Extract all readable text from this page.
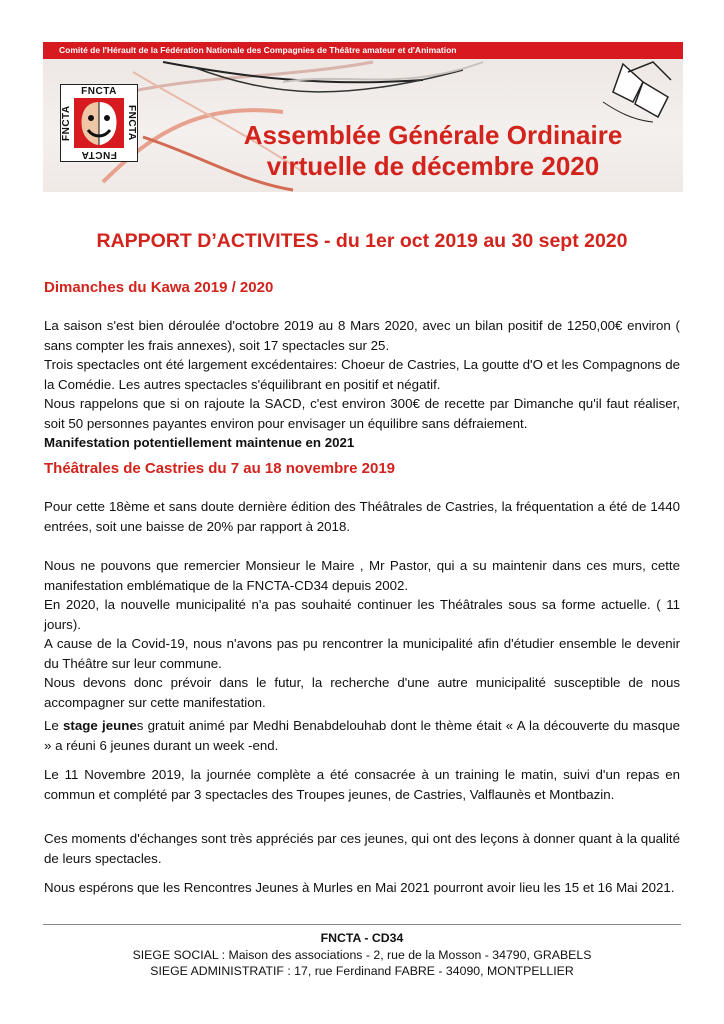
Comité de l'Hérault de la Fédération Nationale des Compagnies de Théâtre amateur et d'Animation
FNCTA
FNCTA
FNCTA	FNCTA	Assemblée Générale Ordinaire
virtuelle de décembre 2020
RAPPORT D’ACTIVITES - du 1er oct 2019 au 30 sept 2020
Dimanches du Kawa 2019 / 2020
La saison s'est bien déroulée d'octobre 2019 au 8 Mars 2020, avec un bilan positif de 1250,00€ environ ( sans compter les frais annexes), soit 17 spectacles sur 25.
Trois spectacles ont été largement excédentaires: Choeur de Castries, La goutte d'O et les Compagnons de la Comédie. Les autres spectacles s'équilibrant en positif et négatif.
Nous rappelons que si on rajoute la SACD, c'est environ 300€ de recette par Dimanche qu'il faut réaliser, soit 50 personnes payantes environ pour envisager un équilibre sans défraiement.
Manifestation potentiellement maintenue en 2021
Théâtrales de Castries du 7 au 18 novembre 2019
Pour cette 18ème et sans doute dernière édition des Théâtrales de Castries, la fréquentation a été de 1440 entrées, soit une baisse de 20% par rapport à 2018.
Nous ne pouvons que remercier Monsieur le Maire , Mr Pastor, qui a su maintenir dans ces murs, cette manifestation emblématique de la FNCTA-CD34 depuis 2002.
En 2020, la nouvelle municipalité n'a pas souhaité continuer les Théâtrales sous sa forme actuelle. ( 11 jours).
A cause de la Covid-19, nous n'avons pas pu rencontrer la municipalité afin d'étudier ensemble le devenir du Théâtre sur leur commune.
Nous devons donc prévoir dans le futur, la recherche d'une autre municipalité susceptible de nous accompagner sur cette manifestation.
Le stage jeunes gratuit animé par Medhi Benabdelouhab dont le thème était « A la découverte du masque » a réuni 6 jeunes durant un week -end.
Le 11 Novembre 2019, la journée complète a été consacrée à un training le matin, suivi d'un repas en commun et complété par 3 spectacles des Troupes jeunes, de Castries, Valflaunès et Montbazin.
Ces moments d'échanges sont très appréciés par ces jeunes, qui ont des leçons à donner quant à la qualité de leurs spectacles.
Nous espérons que les Rencontres Jeunes à Murles en Mai 2021 pourront avoir lieu les 15 et 16 Mai 2021.
FNCTA - CD34
SIEGE SOCIAL : Maison des associations - 2, rue de la Mosson - 34790, GRABELS
SIEGE ADMINISTRATIF : 17, rue Ferdinand FABRE - 34090, MONTPELLIER
